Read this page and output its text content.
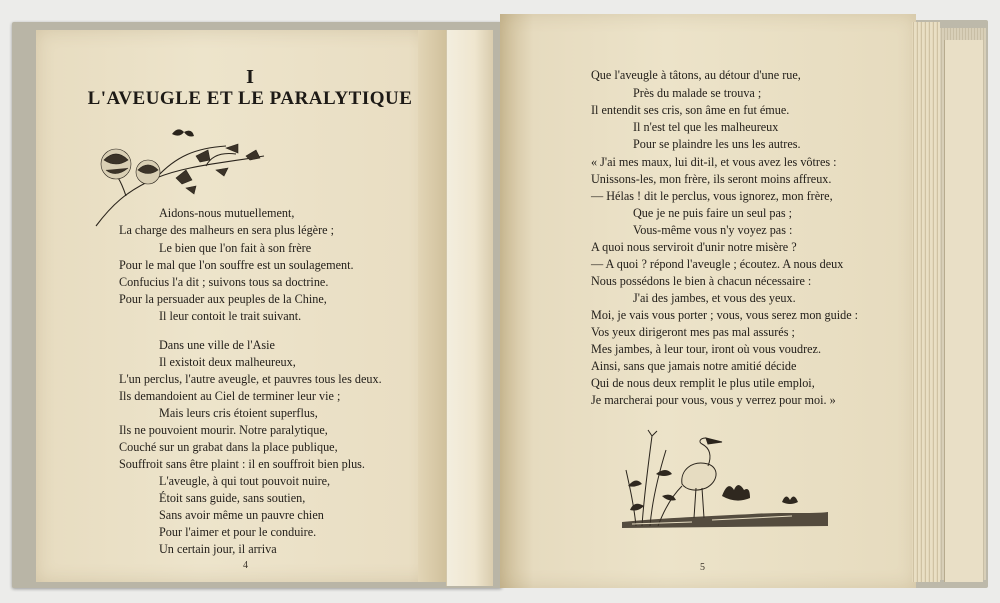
I
L'AVEUGLE ET LE PARALYTIQUE
Aidons-nous mutuellement,
La charge des malheurs en sera plus légère ;
Le bien que l'on fait à son frère
Pour le mal que l'on souffre est un soulagement.
Confucius l'a dit ; suivons tous sa doctrine.
Pour la persuader aux peuples de la Chine,
Il leur contoit le trait suivant.
Dans une ville de l'Asie
Il existoit deux malheureux,
L'un perclus, l'autre aveugle, et pauvres tous les deux.
Ils demandoient au Ciel de terminer leur vie ;
Mais leurs cris étoient superflus,
Ils ne pouvoient mourir. Notre paralytique,
Couché sur un grabat dans la place publique,
Souffroit sans être plaint : il en souffroit bien plus.
L'aveugle, à qui tout pouvoit nuire,
Étoit sans guide, sans soutien,
Sans avoir même un pauvre chien
Pour l'aimer et pour le conduire.
Un certain jour, il arriva
4
Que l'aveugle à tâtons, au détour d'une rue,
Près du malade se trouva ;
Il entendit ses cris, son âme en fut émue.
Il n'est tel que les malheureux
Pour se plaindre les uns les autres.
« J'ai mes maux, lui dit-il, et vous avez les vôtres :
Unissons-les, mon frère, ils seront moins affreux.
— Hélas ! dit le perclus, vous ignorez, mon frère,
Que je ne puis faire un seul pas ;
Vous-même vous n'y voyez pas :
A quoi nous serviroit d'unir notre misère ?
— A quoi ? répond l'aveugle ; écoutez. A nous deux
Nous possédons le bien à chacun nécessaire :
J'ai des jambes, et vous des yeux.
Moi, je vais vous porter ; vous, vous serez mon guide :
Vos yeux dirigeront mes pas mal assurés ;
Mes jambes, à leur tour, iront où vous voudrez.
Ainsi, sans que jamais notre amitié décide
Qui de nous deux remplit le plus utile emploi,
Je marcherai pour vous, vous y verrez pour moi. »
5
